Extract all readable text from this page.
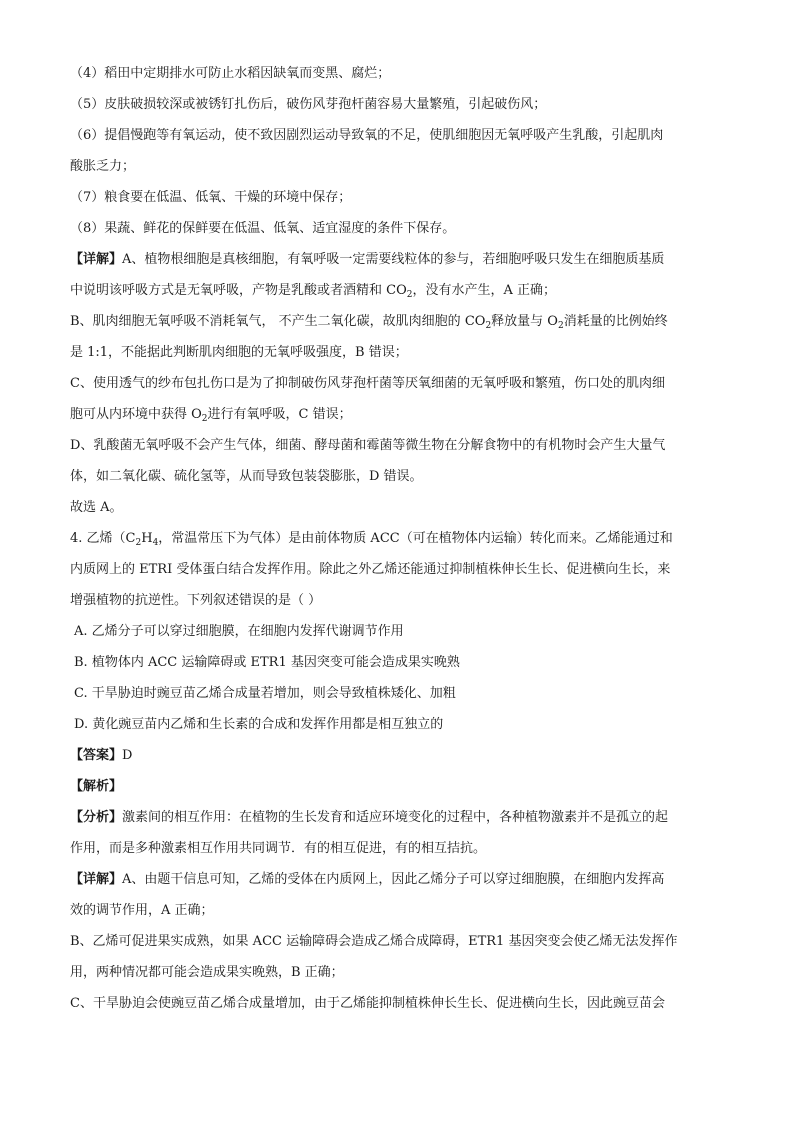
（4）稻田中定期排水可防止水稻因缺氧而变黑、腐烂；

（5）皮肤破损较深或被锈钉扎伤后，破伤风芽孢杆菌容易大量繁殖，引起破伤风；

（6）提倡慢跑等有氧运动，使不致因剧烈运动导致氧的不足，使肌细胞因无氧呼吸产生乳酸，引起肌肉

酸胀乏力；

（7）粮食要在低温、低氧、干燥的环境中保存；

（8）果蔬、鲜花的保鲜要在低温、低氧、适宜湿度的条件下保存。

【详解】A、植物根细胞是真核细胞，有氧呼吸一定需要线粒体的参与，若细胞呼吸只发生在细胞质基质

中说明该呼吸方式是无氧呼吸，产物是乳酸或者酒精和 $CO_2$，没有水产生，A 正确；

B、肌肉细胞无氧呼吸不消耗氧气， 不产生二氧化碳，故肌肉细胞的 $CO_2$释放量与 $O_2$消耗量的比例始终

是 1:1，不能据此判断肌肉细胞的无氧呼吸强度，B 错误；

C、使用透气的纱布包扎伤口是为了抑制破伤风芽孢杆菌等厌氧细菌的无氧呼吸和繁殖，伤口处的肌肉细

胞可从内环境中获得 $O_2$进行有氧呼吸，C 错误；

D、乳酸菌无氧呼吸不会产生气体，细菌、酵母菌和霉菌等微生物在分解食物中的有机物时会产生大量气

体，如二氧化碳、硫化氢等，从而导致包装袋膨胀，D 错误。

故选 A。

4. 乙烯（$C_2H_4$，常温常压下为气体）是由前体物质 ACC（可在植物体内运输）转化而来。乙烯能通过和

内质网上的 ETRI 受体蛋白结合发挥作用。除此之外乙烯还能通过抑制植株伸长生长、促进横向生长，来

增强植物的抗逆性。下列叙述错误的是（ ）

A. 乙烯分子可以穿过细胞膜，在细胞内发挥代谢调节作用

B. 植物体内 ACC 运输障碍或 ETR1 基因突变可能会造成果实晚熟

C. 干旱胁迫时豌豆苗乙烯合成量若增加，则会导致植株矮化、加粗

D. 黄化豌豆苗内乙烯和生长素的合成和发挥作用都是相互独立的

【答案】D

【解析】

【分析】激素间的相互作用：在植物的生长发育和适应环境变化的过程中，各种植物激素并不是孤立的起

作用，而是多种激素相互作用共同调节．有的相互促进，有的相互拮抗。

【详解】A、由题干信息可知，乙烯的受体在内质网上，因此乙烯分子可以穿过细胞膜，在细胞内发挥高

效的调节作用，A 正确；

B、乙烯可促进果实成熟，如果 ACC 运输障碍会造成乙烯合成障碍，ETR1 基因突变会使乙烯无法发挥作

用，两种情况都可能会造成果实晚熟，B 正确；

C、干旱胁迫会使豌豆苗乙烯合成量增加，由于乙烯能抑制植株伸长生长、促进横向生长，因此豌豆苗会
